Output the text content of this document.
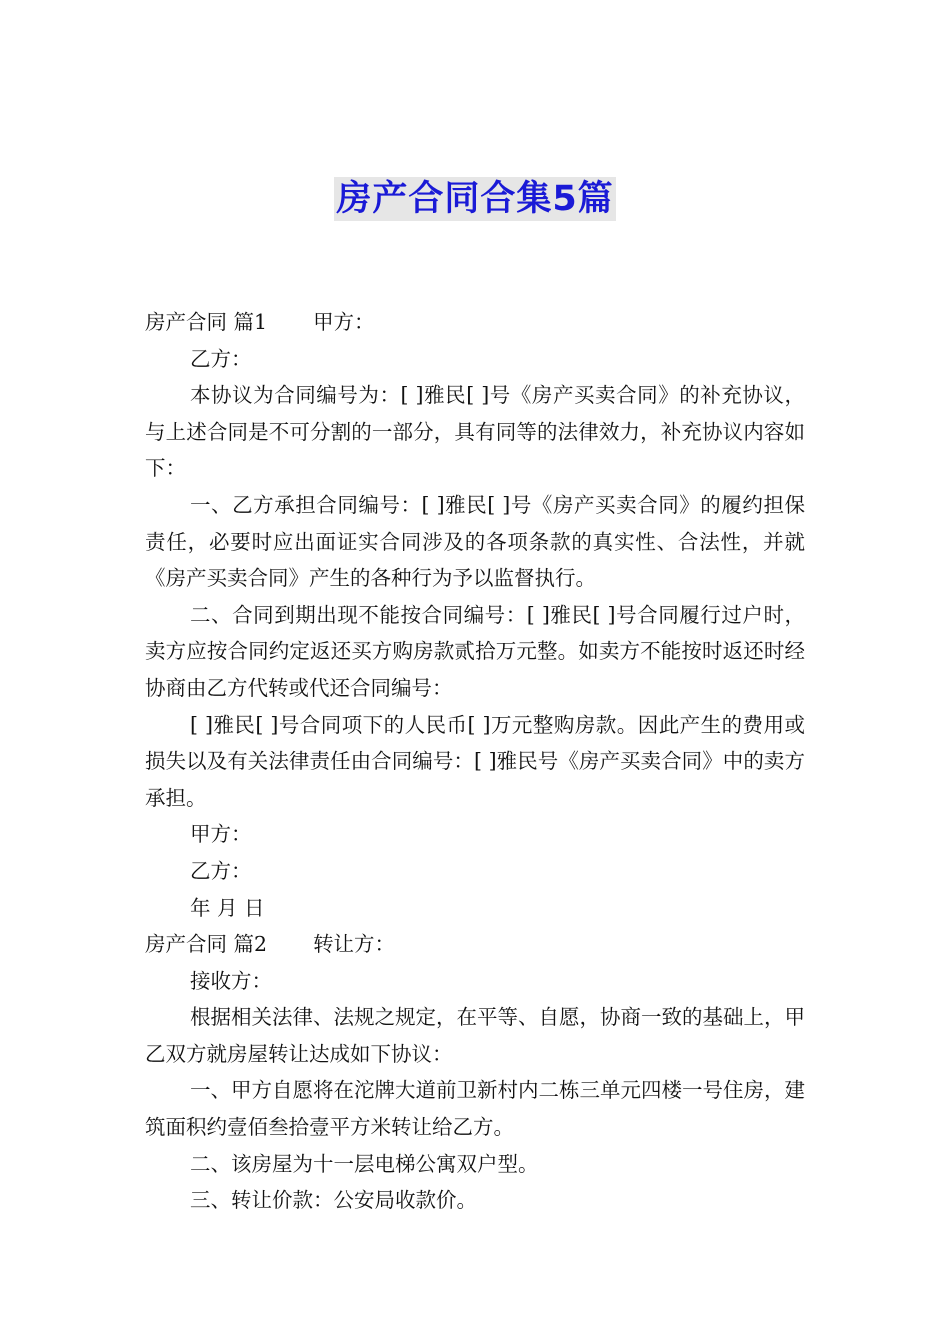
房产合同合集5篇

房产合同 篇1 甲方：

乙方：

本协议为合同编号为：[ ]雅民[ ]号《房产买卖合同》的补充协议，与上述合同是不可分割的一部分，具有同等的法律效力，补充协议内容如下：

一、乙方承担合同编号：[ ]雅民[ ]号《房产买卖合同》的履约担保责任，必要时应出面证实合同涉及的各项条款的真实性、合法性，并就《房产买卖合同》产生的各种行为予以监督执行。

二、合同到期出现不能按合同编号：[ ]雅民[ ]号合同履行过户时，卖方应按合同约定返还买方购房款贰拾万元整。如卖方不能按时返还时经协商由乙方代转或代还合同编号：

[ ]雅民[ ]号合同项下的人民币[ ]万元整购房款。因此产生的费用或损失以及有关法律责任由合同编号：[ ]雅民号《房产买卖合同》中的卖方承担。

甲方：

乙方：

年 月 日

房产合同 篇2 转让方：

接收方：

根据相关法律、法规之规定，在平等、自愿，协商一致的基础上，甲乙双方就房屋转让达成如下协议：

一、甲方自愿将在沱牌大道前卫新村内二栋三单元四楼一号住房，建筑面积约壹佰叁拾壹平方米转让给乙方。

二、该房屋为十一层电梯公寓双户型。

三、转让价款：公安局收款价。
